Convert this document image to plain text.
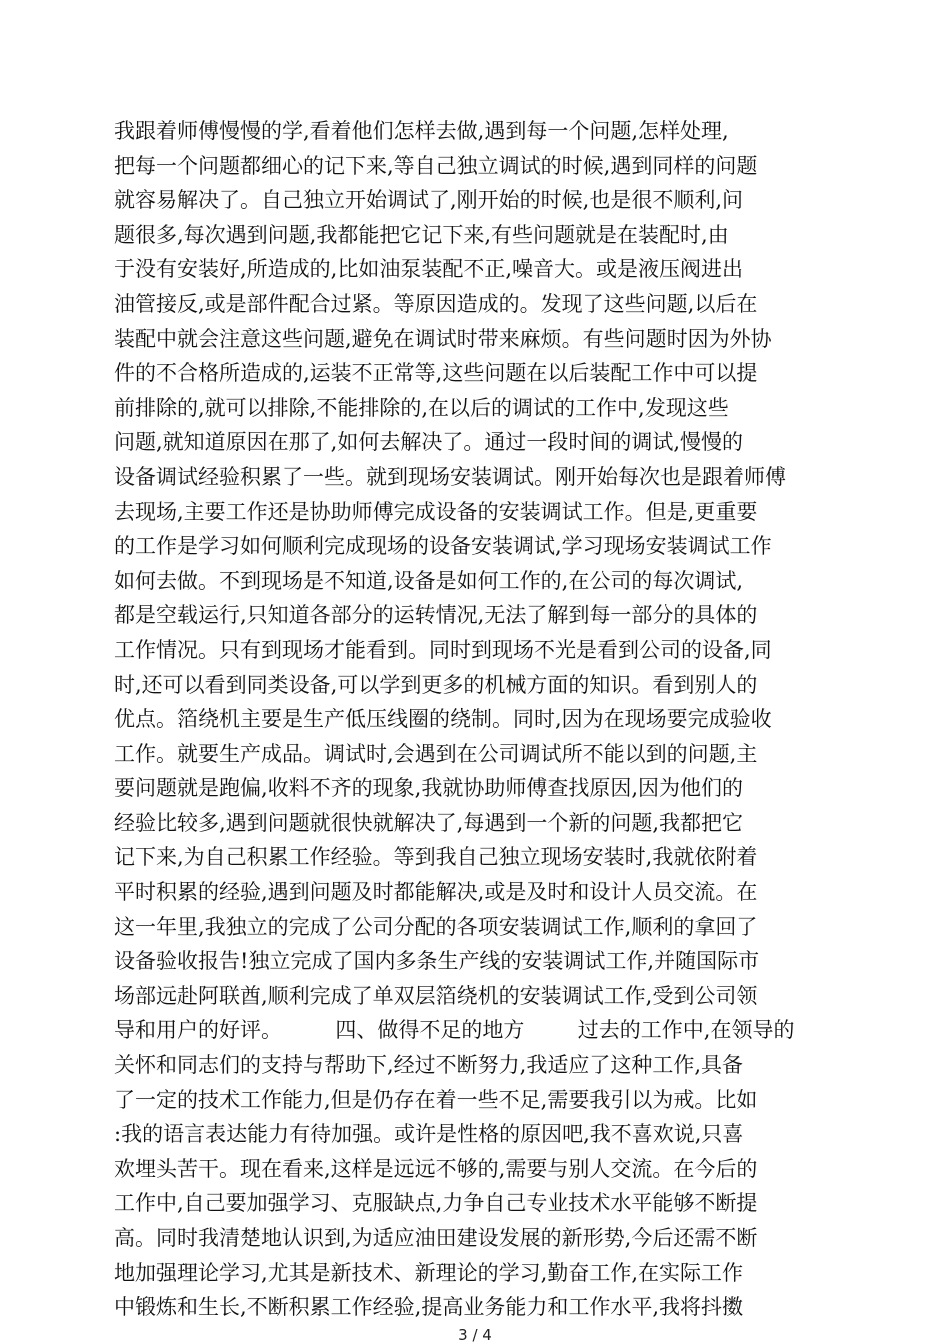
我跟着师傅慢慢的学,看着他们怎样去做,遇到每一个问题,怎样处理,
把每一个问题都细心的记下来,等自己独立调试的时候,遇到同样的问题
就容易解决了。自己独立开始调试了,刚开始的时候,也是很不顺利,问
题很多,每次遇到问题,我都能把它记下来,有些问题就是在装配时,由
于没有安装好,所造成的,比如油泵装配不正,噪音大。或是液压阀进出
油管接反,或是部件配合过紧。等原因造成的。发现了这些问题,以后在
装配中就会注意这些问题,避免在调试时带来麻烦。有些问题时因为外协
件的不合格所造成的,运装不正常等,这些问题在以后装配工作中可以提
前排除的,就可以排除,不能排除的,在以后的调试的工作中,发现这些
问题,就知道原因在那了,如何去解决了。通过一段时间的调试,慢慢的
设备调试经验积累了一些。就到现场安装调试。刚开始每次也是跟着师傅
去现场,主要工作还是协助师傅完成设备的安装调试工作。但是,更重要
的工作是学习如何顺利完成现场的设备安装调试,学习现场安装调试工作
如何去做。不到现场是不知道,设备是如何工作的,在公司的每次调试,
都是空载运行,只知道各部分的运转情况,无法了解到每一部分的具体的
工作情况。只有到现场才能看到。同时到现场不光是看到公司的设备,同
时,还可以看到同类设备,可以学到更多的机械方面的知识。看到别人的
优点。箔绕机主要是生产低压线圈的绕制。同时,因为在现场要完成验收
工作。就要生产成品。调试时,会遇到在公司调试所不能以到的问题,主
要问题就是跑偏,收料不齐的现象,我就协助师傅查找原因,因为他们的
经验比较多,遇到问题就很快就解决了,每遇到一个新的问题,我都把它
记下来,为自己积累工作经验。等到我自己独立现场安装时,我就依附着
平时积累的经验,遇到问题及时都能解决,或是及时和设计人员交流。在
这一年里,我独立的完成了公司分配的各项安装调试工作,顺利的拿回了
设备验收报告!独立完成了国内多条生产线的安装调试工作,并随国际市
场部远赴阿联酋,顺利完成了单双层箔绕机的安装调试工作,受到公司领
导和用户的好评。        四、做得不足的地方        过去的工作中,在领导的
关怀和同志们的支持与帮助下,经过不断努力,我适应了这种工作,具备
了一定的技术工作能力,但是仍存在着一些不足,需要我引以为戒。比如
:我的语言表达能力有待加强。或许是性格的原因吧,我不喜欢说,只喜
欢埋头苦干。现在看来,这样是远远不够的,需要与别人交流。在今后的
工作中,自己要加强学习、克服缺点,力争自己专业技术水平能够不断提
高。同时我清楚地认识到,为适应油田建设发展的新形势,今后还需不断
地加强理论学习,尤其是新技术、新理论的学习,勤奋工作,在实际工作
中锻炼和生长,不断积累工作经验,提高业务能力和工作水平,我将抖擞
3 / 4
